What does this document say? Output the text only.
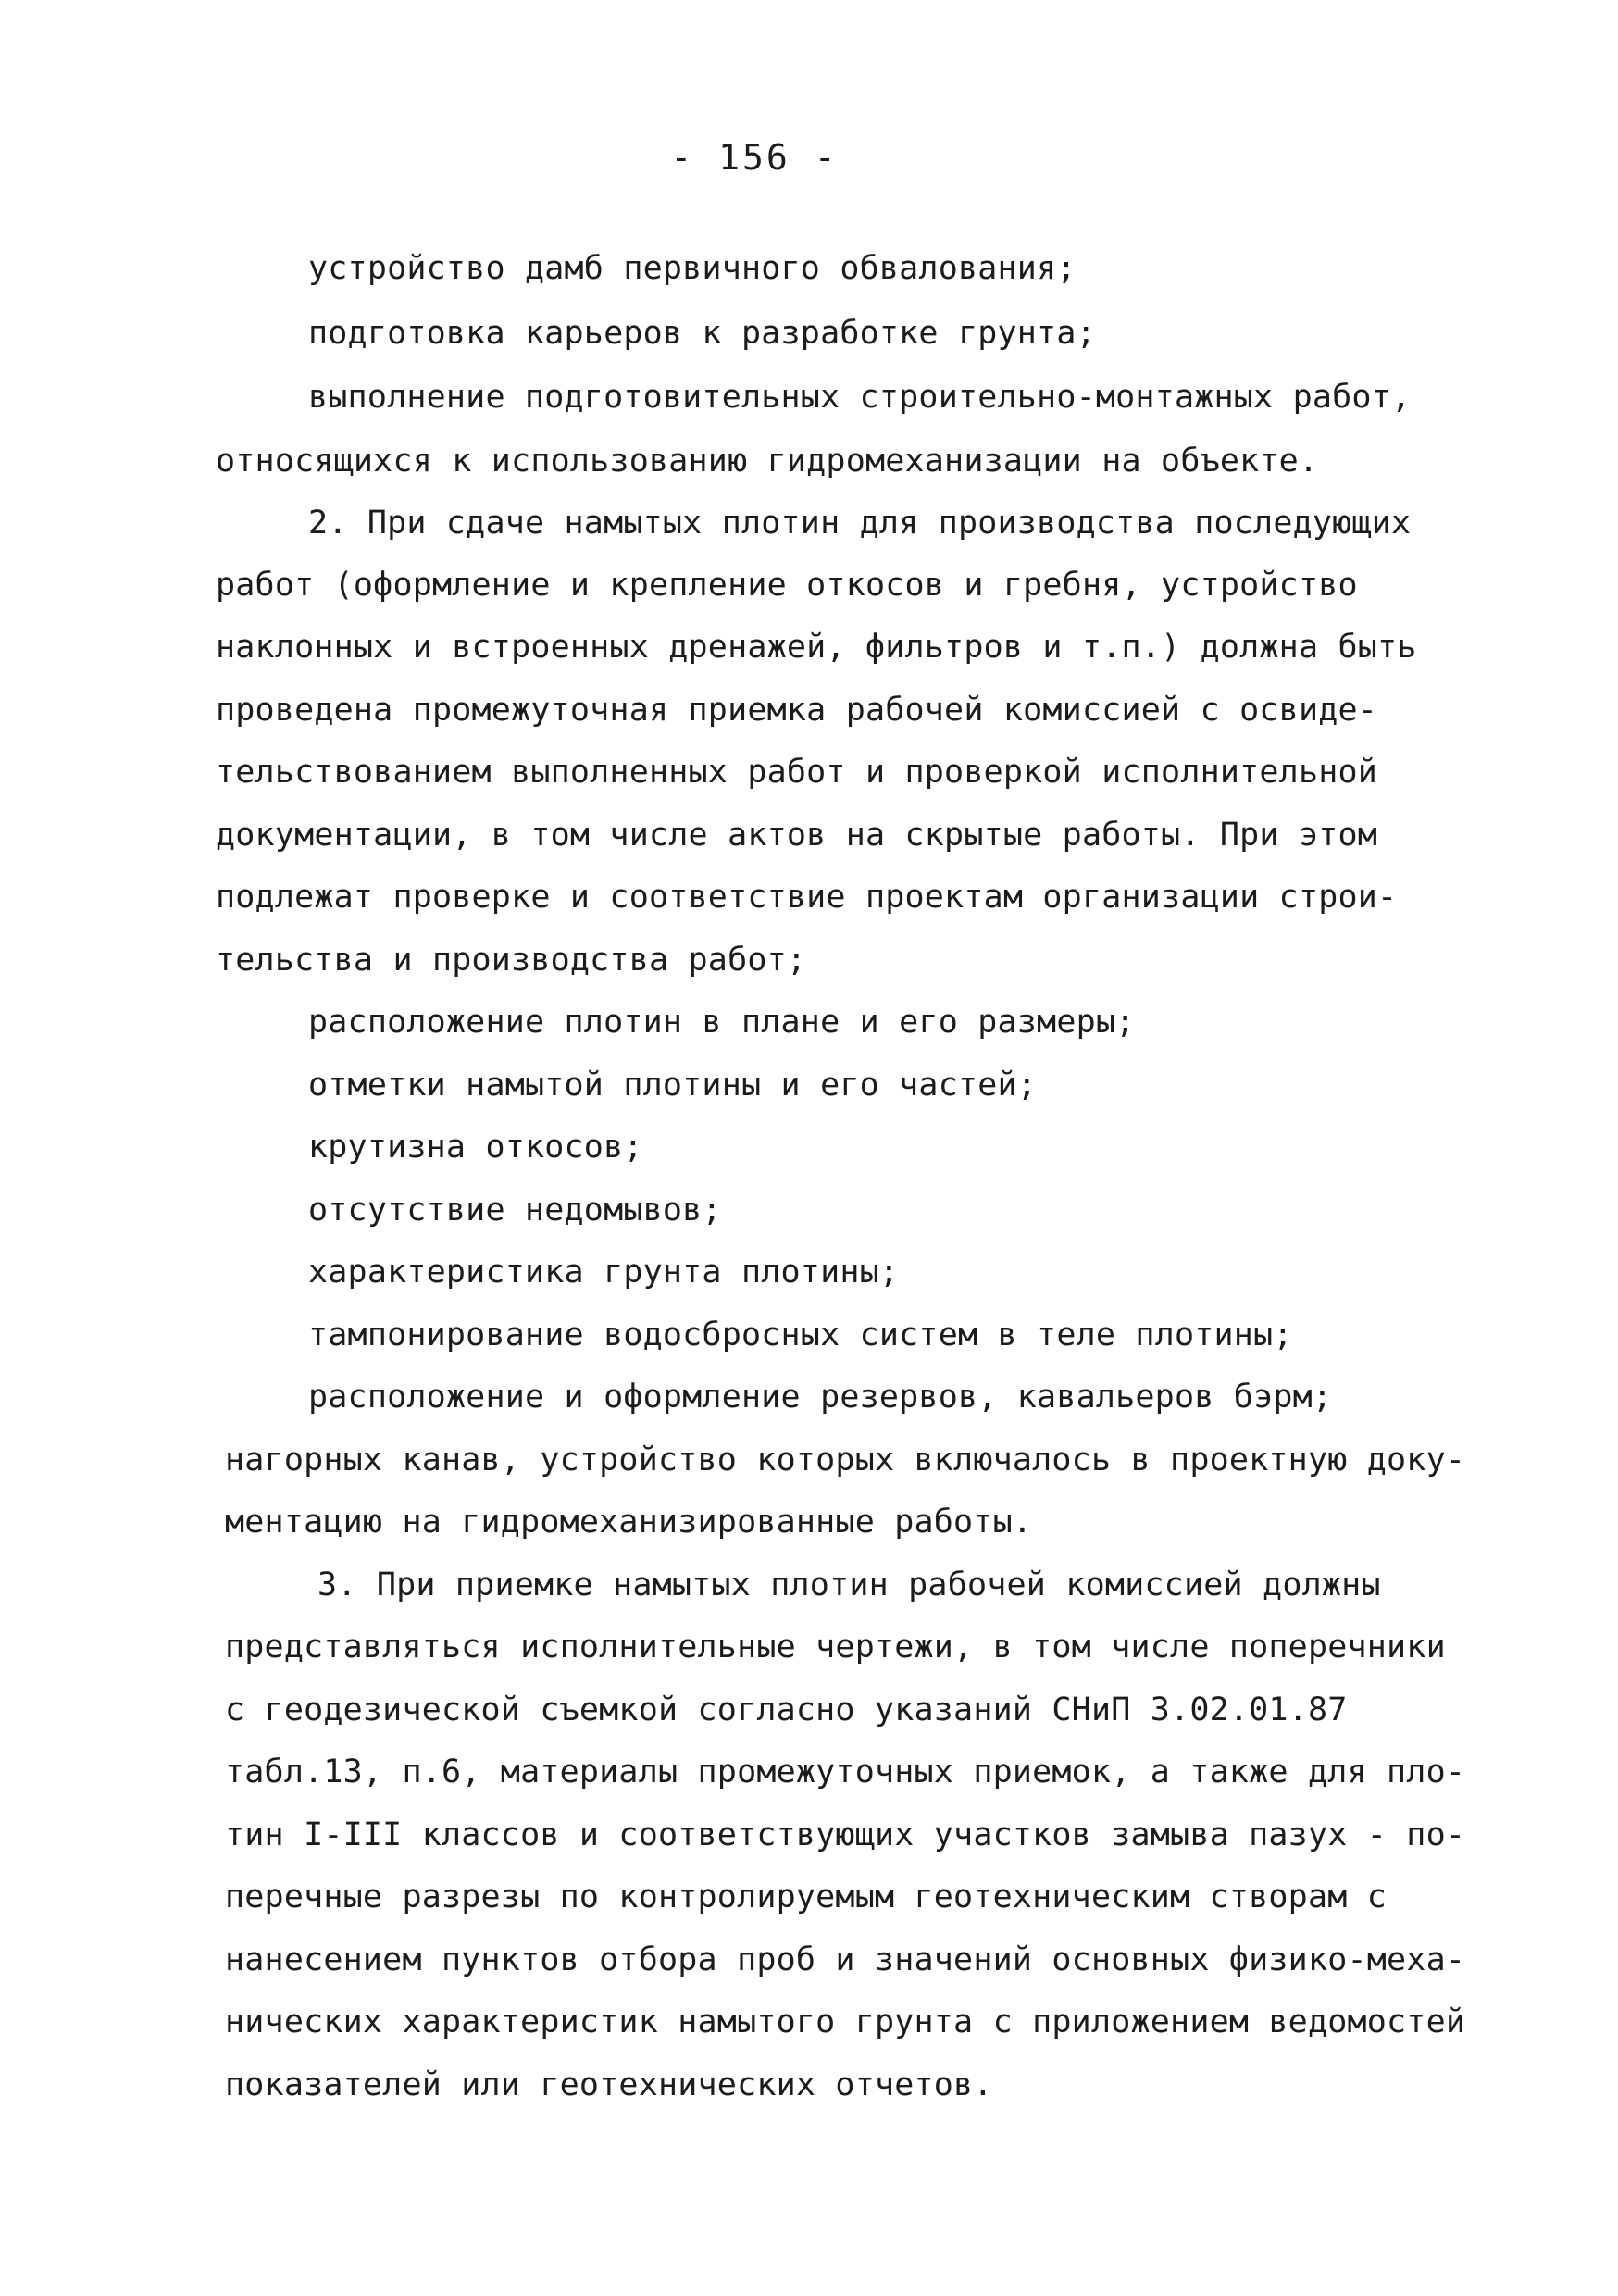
- 156 -
устройство дамб первичного обвалования;
подготовка карьеров к разработке грунта;
выполнение подготовительных строительно-монтажных работ,
относящихся к использованию гидромеханизации на объекте.
2. При сдаче намытых плотин для производства последующих
работ (оформление и крепление откосов и гребня, устройство
наклонных и встроенных дренажей, фильтров и т.п.) должна быть
проведена промежуточная приемка рабочей комиссией с освиде-
тельствованием выполненных работ и проверкой исполнительной
документации, в том числе актов на скрытые работы. При этом
подлежат проверке и соответствие проектам организации строи-
тельства и производства работ;
расположение плотин в плане и его размеры;
отметки намытой плотины и его частей;
крутизна откосов;
отсутствие недомывов;
характеристика грунта плотины;
тампонирование водосбросных систем в теле плотины;
расположение и оформление резервов, кавальеров бэрм;
нагорных канав, устройство которых включалось в проектную доку-
ментацию на гидромеханизированные работы.
3. При приемке намытых плотин рабочей комиссией должны
представляться исполнительные чертежи, в том числе поперечники
с геодезической съемкой согласно указаний СНиП 3.02.01.87
табл.13, п.6, материалы промежуточных приемок, а также для пло-
тин I-III классов и соответствующих участков замыва пазух - по-
перечные разрезы по контролируемым геотехническим створам с
нанесением пунктов отбора проб и значений основных физико-меха-
нических характеристик намытого грунта с приложением ведомостей
показателей или геотехнических отчетов.
